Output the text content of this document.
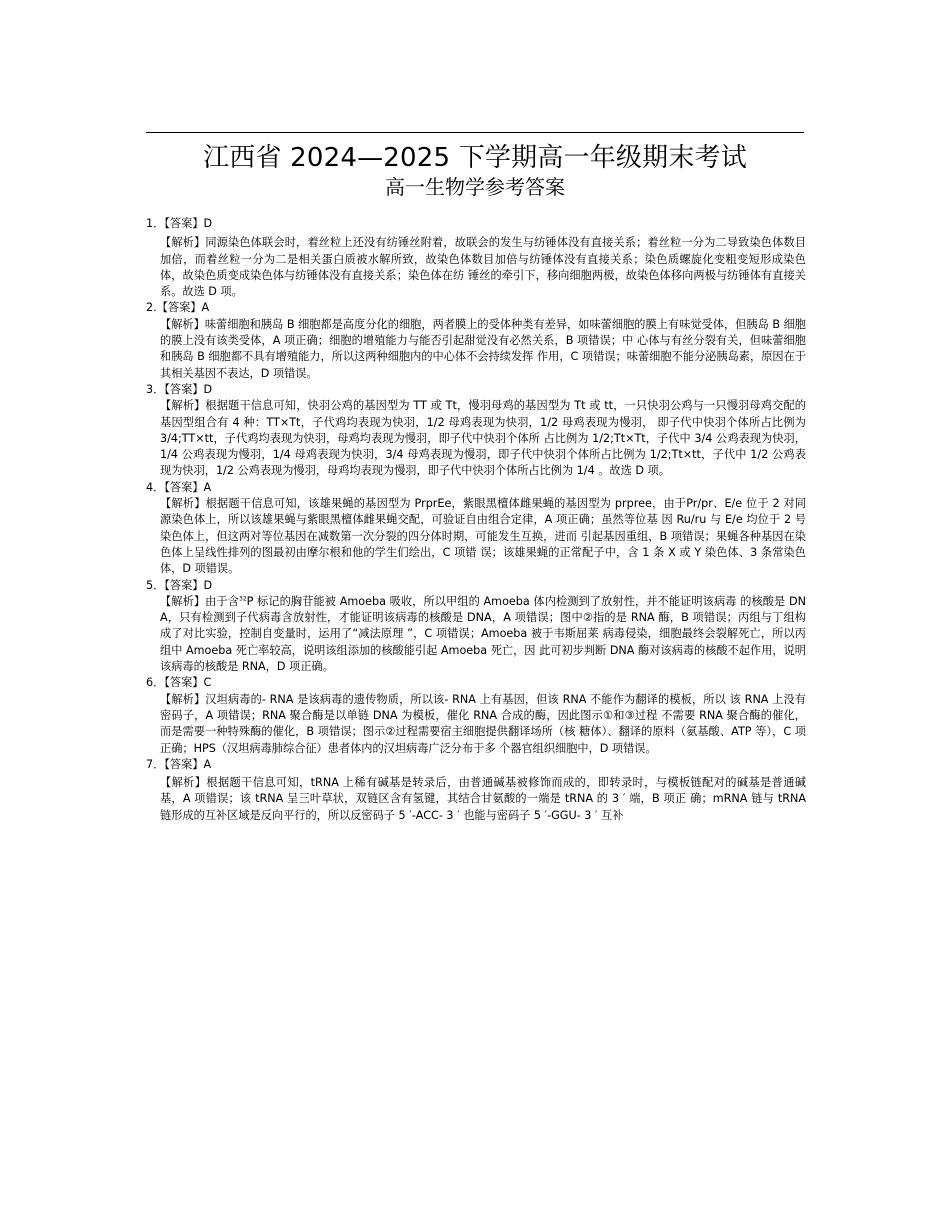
江西省 2024—2025 下学期高一年级期末考试
高一生物学参考答案
1．【答案】D
【解析】同源染色体联会时，着丝粒上还没有纺锤丝附着，故联会的发生与纺锤体没有直接关系；着丝粒一分为二导致染色体数目加倍，而着丝粒一分为二是相关蛋白质被水解所致，故染色体数目加倍与纺锤体没有直接关系；染色质螺旋化变粗变短形成染色体，故染色质变成染色体与纺锤体没有直接关系；染色体在纺 锤丝的牵引下，移向细胞两极，故染色体移向两极与纺锤体有直接关系。故选 D 项。
2.【答案】A
【解析】味蕾细胞和胰岛 B 细胞都是高度分化的细胞，两者膜上的受体种类有差异，如味蕾细胞的膜上有味觉受体，但胰岛 B 细胞的膜上没有该类受体，A 项正确；细胞的增殖能力与能否引起甜觉没有必然关系，B 项错误；中 心体与有丝分裂有关，但味蕾细胞和胰岛 B 细胞都不具有增殖能力，所以这两种细胞内的中心体不会持续发挥 作用，C 项错误；味蕾细胞不能分泌胰岛素，原因在于其相关基因不表达，D 项错误。
3．【答案】D
【解析】根据题干信息可知，快羽公鸡的基因型为 TT 或 Tt，慢羽母鸡的基因型为 Tt 或 tt，一只快羽公鸡与一只慢羽母鸡交配的基因型组合有 4 种：TT×Tt，子代鸡均表现为快羽，1/2 母鸡表现为快羽，1/2 母鸡表现为慢羽， 即子代中快羽个体所占比例为 3/4;TT×tt，子代鸡均表现为快羽，母鸡均表现为慢羽，即子代中快羽个体所 占比例为 1/2;Tt×Tt，子代中 3/4 公鸡表现为快羽，1/4 公鸡表现为慢羽，1/4 母鸡表现为快羽，3/4 母鸡表现为慢羽，即子代中快羽个体所占比例为 1/2;Tt×tt，子代中 1/2 公鸡表现为快羽，1/2 公鸡表现为慢羽，母鸡均表现为慢羽，即子代中快羽个体所占比例为 1/4 。故选 D 项。
4．【答案】A
【解析】根据题干信息可知，该雄果蝇的基因型为 PrprEe，紫眼黑檀体雌果蝇的基因型为 prpree，由于Pr/pr、E/e 位于 2 对同源染色体上，所以该雄果蝇与紫眼黑檀体雌果蝇交配，可验证自由组合定律，A 项正确；虽然等位基 因 Ru/ru 与 E/e 均位于 2 号染色体上，但这两对等位基因在减数第一次分裂的四分体时期，可能发生互换，进而 引起基因重组，B 项错误；果蝇各种基因在染色体上呈线性排列的图最初由摩尔根和他的学生们绘出，C 项错 误；该雄果蝇的正常配子中，含 1 条 X 或 Y 染色体、3 条常染色体，D 项错误。
5．【答案】D
【解析】由于含$^{32}$P 标记的胸苷能被 Amoeba 吸收，所以甲组的 Amoeba 体内检测到了放射性，并不能证明该病毒 的核酸是 DNA，只有检测到子代病毒含放射性，才能证明该病毒的核酸是 DNA，A 项错误；图中②指的是 RNA 酶，B 项错误；丙组与丁组构成了对比实验，控制自变量时，运用了“减法原理 ”，C 项错误；Amoeba 被于韦斯屈莱 病毒侵染，细胞最终会裂解死亡，所以丙组中 Amoeba 死亡率较高，说明该组添加的核酸能引起 Amoeba 死亡，因 此可初步判断 DNA 酶对该病毒的核酸不起作用，说明该病毒的核酸是 RNA，D 项正确。
6．【答案】C
【解析】汉坦病毒的- RNA 是该病毒的遗传物质，所以该- RNA 上有基因，但该 RNA 不能作为翻译的模板，所以 该 RNA 上没有密码子，A 项错误；RNA 聚合酶是以单链 DNA 为模板，催化 RNA 合成的酶，因此图示①和③过程 不需要 RNA 聚合酶的催化，而是需要一种特殊酶的催化，B 项错误；图示②过程需要宿主细胞提供翻译场所（核 糖体）、翻译的原料（氨基酸、ATP 等），C 项正确；HPS（汉坦病毒肺综合征）患者体内的汉坦病毒广泛分布于多 个器官组织细胞中，D 项错误。
7．【答案】A
【解析】根据题干信息可知，tRNA 上稀有碱基是转录后，由普通碱基被修饰而成的，即转录时，与模板链配对的碱基是普通碱基，A 项错误；该 tRNA 呈三叶草状，双链区含有氢键，其结合甘氨酸的一端是 tRNA 的 3 ′ 端，B 项正 确；mRNA 链与 tRNA 链形成的互补区域是反向平行的，所以反密码子 5 ′-ACC- 3 ′ 也能与密码子 5 ′-GGU- 3 ′ 互补
